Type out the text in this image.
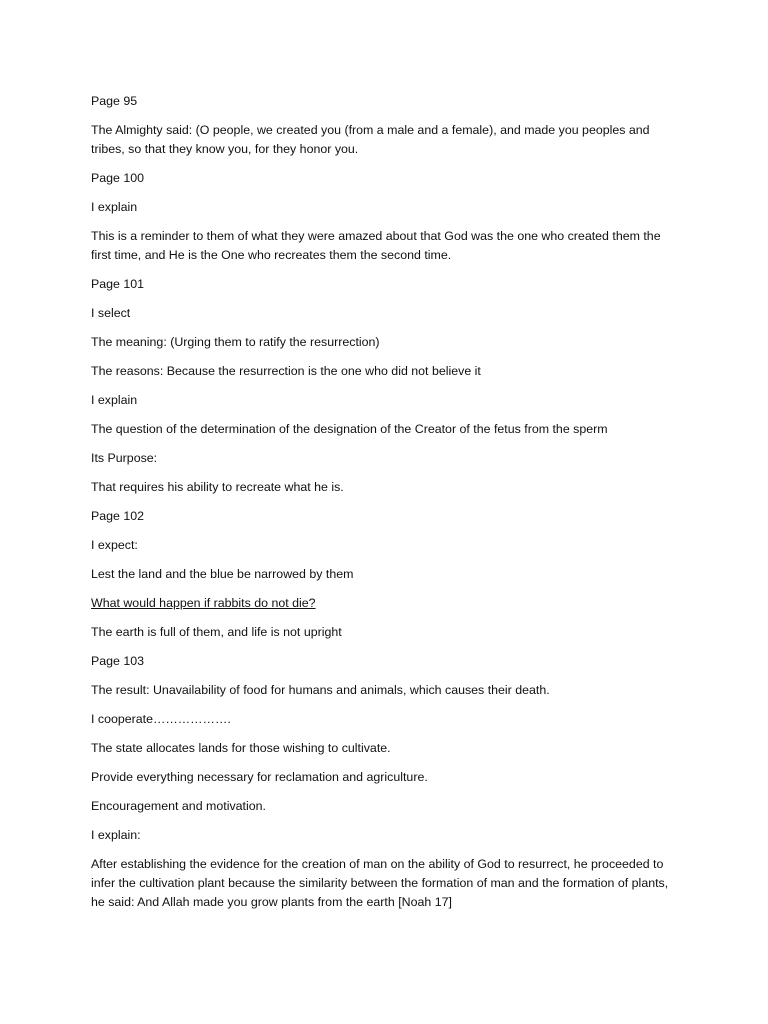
Page 95

The Almighty said: (O people, we created you (from a male and a female), and made you peoples and tribes, so that they know you, for they honor you.

Page 100

I explain

This is a reminder to them of what they were amazed about that God was the one who created them the first time, and He is the One who recreates them the second time.

Page 101

I select

The meaning: (Urging them to ratify the resurrection)

The reasons: Because the resurrection is the one who did not believe it

I explain

The question of the determination of the designation of the Creator of the fetus from the sperm

Its Purpose:

That requires his ability to recreate what he is.

Page 102

I expect:

Lest the land and the blue be narrowed by them

What would happen if rabbits do not die?

The earth is full of them, and life is not upright

Page 103

The result: Unavailability of food for humans and animals, which causes their death.

I cooperate……………….

The state allocates lands for those wishing to cultivate.

Provide everything necessary for reclamation and agriculture.

Encouragement and motivation.

I explain:

After establishing the evidence for the creation of man on the ability of God to resurrect, he proceeded to infer the cultivation plant because the similarity between the formation of man and the formation of plants, he said: And Allah made you grow plants from the earth [Noah 17]
